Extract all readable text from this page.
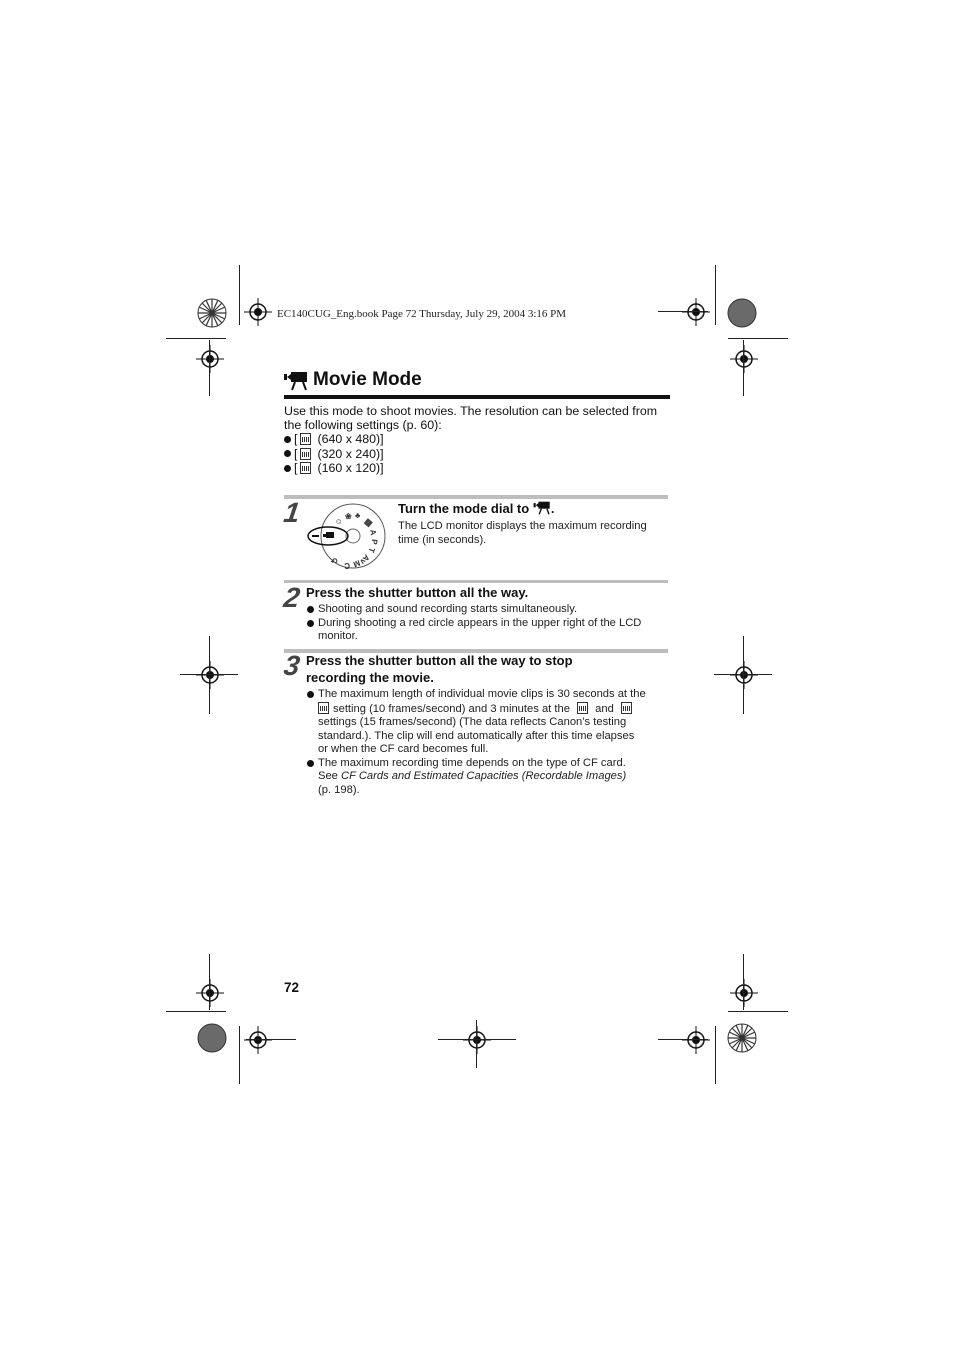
EC140CUG_Eng.book Page 72 Thursday, July 29, 2004 3:16 PM
Movie Mode
Use this mode to shoot movies. The resolution can be selected from the following settings (p. 60):
[ (640 x 480)]
[ (320 x 240)]
[ (160 x 120)]
1	☺ ❀ ♣
▦
A
P
T
Av
M
C
↺
Turn the mode dial to .
The LCD monitor displays the maximum recording time (in seconds).
2 Press the shutter button all the way.
Shooting and sound recording starts simultaneously.
During shooting a red circle appears in the upper right of the LCD monitor.
3 Press the shutter button all the way to stop
recording the movie.
The maximum length of individual movie clips is 30 seconds at the
setting (10 frames/second) and 3 minutes at the and
settings (15 frames/second) (The data reflects Canon’s testing
standard.). The clip will end automatically after this time elapses
or when the CF card becomes full.
The maximum recording time depends on the type of CF card.
See CF Cards and Estimated Capacities (Recordable Images)
(p. 198).
72
